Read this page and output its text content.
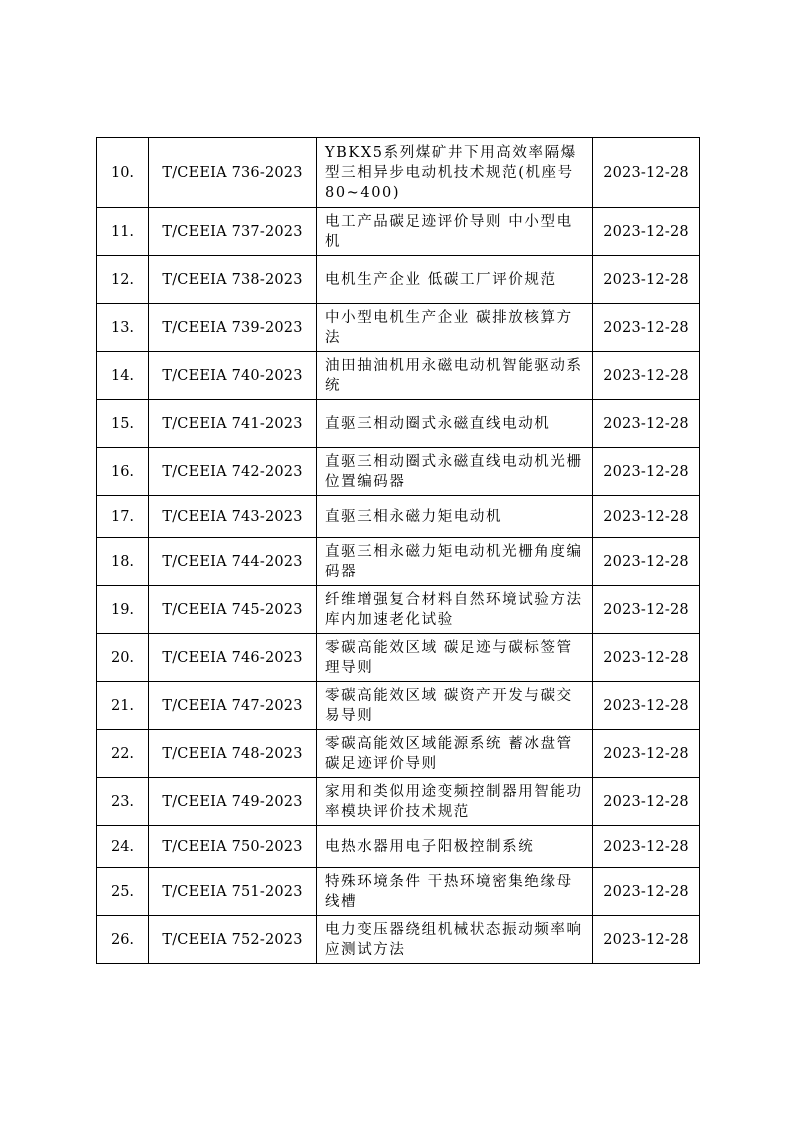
10.	T/CEEIA 736-2023	YBKX5系列煤矿井下用高效率隔爆型三相异步电动机技术规范(机座号 80~400)	2023-12-28
11.	T/CEEIA 737-2023	电工产品碳足迹评价导则 中小型电机	2023-12-28
12.	T/CEEIA 738-2023	电机生产企业 低碳工厂评价规范	2023-12-28
13.	T/CEEIA 739-2023	中小型电机生产企业 碳排放核算方法	2023-12-28
14.	T/CEEIA 740-2023	油田抽油机用永磁电动机智能驱动系统	2023-12-28
15.	T/CEEIA 741-2023	直驱三相动圈式永磁直线电动机	2023-12-28
16.	T/CEEIA 742-2023	直驱三相动圈式永磁直线电动机光栅位置编码器	2023-12-28
17.	T/CEEIA 743-2023	直驱三相永磁力矩电动机	2023-12-28
18.	T/CEEIA 744-2023	直驱三相永磁力矩电动机光栅角度编码器	2023-12-28
19.	T/CEEIA 745-2023	纤维增强复合材料自然环境试验方法 库内加速老化试验	2023-12-28
20.	T/CEEIA 746-2023	零碳高能效区域 碳足迹与碳标签管理导则	2023-12-28
21.	T/CEEIA 747-2023	零碳高能效区域 碳资产开发与碳交易导则	2023-12-28
22.	T/CEEIA 748-2023	零碳高能效区域能源系统 蓄冰盘管碳足迹评价导则	2023-12-28
23.	T/CEEIA 749-2023	家用和类似用途变频控制器用智能功率模块评价技术规范	2023-12-28
24.	T/CEEIA 750-2023	电热水器用电子阳极控制系统	2023-12-28
25.	T/CEEIA 751-2023	特殊环境条件 干热环境密集绝缘母线槽	2023-12-28
26.	T/CEEIA 752-2023	电力变压器绕组机械状态振动频率响应测试方法	2023-12-28
